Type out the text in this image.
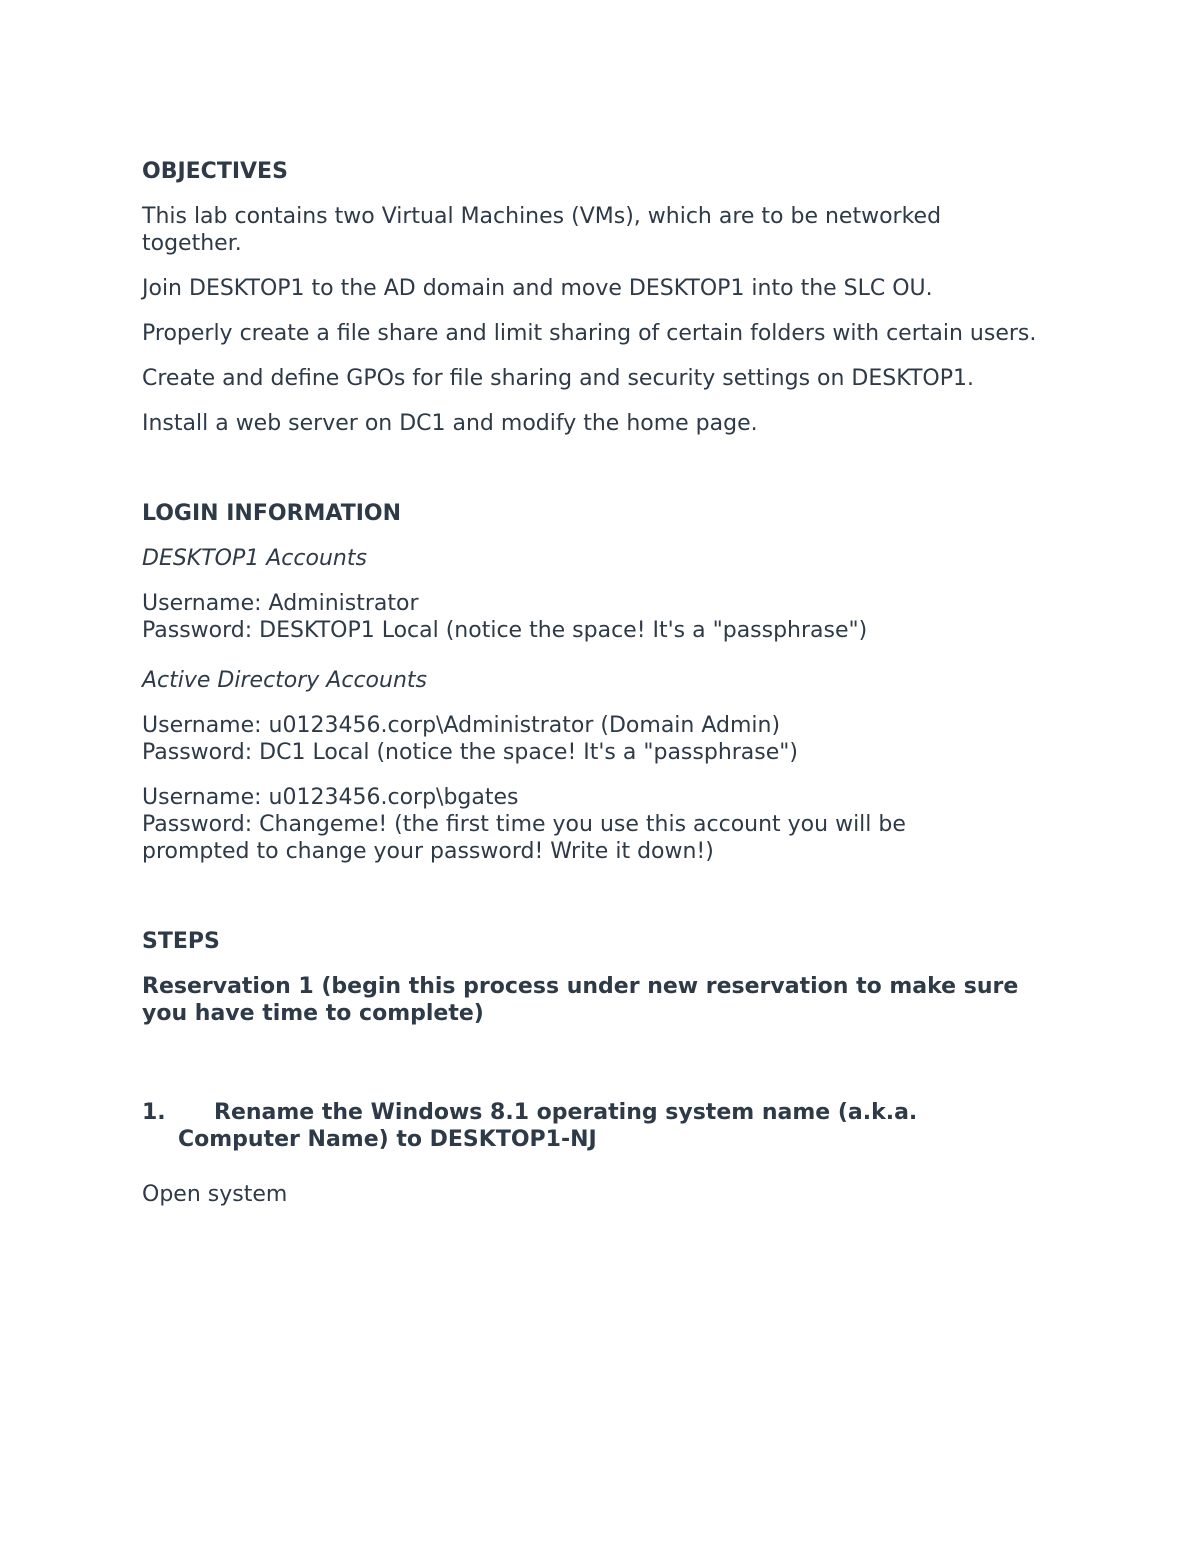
OBJECTIVES

This lab contains two Virtual Machines (VMs), which are to be networked together.

Join DESKTOP1 to the AD domain and move DESKTOP1 into the SLC OU.

Properly create a file share and limit sharing of certain folders with certain users.

Create and define GPOs for file sharing and security settings on DESKTOP1.

Install a web server on DC1 and modify the home page.

LOGIN INFORMATION

DESKTOP1 Accounts

Username: Administrator

Password: DESKTOP1 Local (notice the space! It's a "passphrase")

Active Directory Accounts

Username: u0123456.corp\Administrator (Domain Admin)

Password: DC1 Local (notice the space! It's a "passphrase")

Username: u0123456.corp\bgates

Password: Changeme! (the first time you use this account you will be prompted to change your password! Write it down!)

STEPS

Reservation 1 (begin this process under new reservation to make sure you have time to complete)

1. Rename the Windows 8.1 operating system name (a.k.a. Computer Name) to DESKTOP1-NJ

Open system
